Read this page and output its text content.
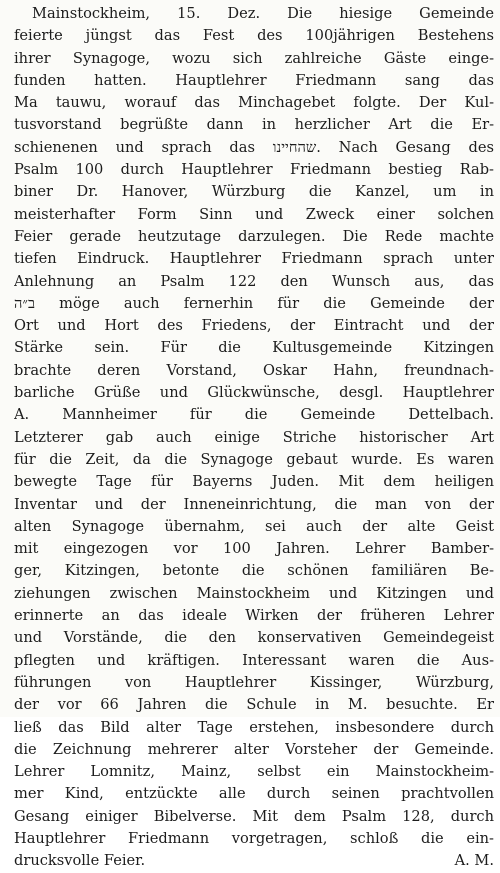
Mainstockheim, 15. Dez. Die hiesige Gemeinde
feierte jüngst das Fest des 100jährigen Bestehens
ihrer Synagoge, wozu sich zahlreiche Gäste einge-
funden hatten. Hauptlehrer Friedmann sang das
Ma tauwu, worauf das Minchagebet folgte. Der Kul-
tusvorstand begrüßte dann in herzlicher Art die Er-
schienenen und sprach das שהחיינו. Nach Gesang des
Psalm 100 durch Hauptlehrer Friedmann bestieg Rab-
biner Dr. Hanover, Würzburg die Kanzel, um in
meisterhafter Form Sinn und Zweck einer solchen
Feier gerade heutzutage darzulegen. Die Rede machte
tiefen Eindruck. Hauptlehrer Friedmann sprach unter
Anlehnung an Psalm 122 den Wunsch aus, das
ב״ה möge auch fernerhin für die Gemeinde der
Ort und Hort des Friedens, der Eintracht und der
Stärke sein. Für die Kultusgemeinde Kitzingen
brachte deren Vorstand, Oskar Hahn, freundnach-
barliche Grüße und Glückwünsche, desgl. Hauptlehrer
A. Mannheimer für die Gemeinde Dettelbach.
Letzterer gab auch einige Striche historischer Art
für die Zeit, da die Synagoge gebaut wurde. Es waren
bewegte Tage für Bayerns Juden. Mit dem heiligen
Inventar und der Inneneinrichtung, die man von der
alten Synagoge übernahm, sei auch der alte Geist
mit eingezogen vor 100 Jahren. Lehrer Bamber-
ger, Kitzingen, betonte die schönen familiären Be-
ziehungen zwischen Mainstockheim und Kitzingen und
erinnerte an das ideale Wirken der früheren Lehrer
und Vorstände, die den konservativen Gemeindegeist
pflegten und kräftigen. Interessant waren die Aus-
führungen von Hauptlehrer Kissinger, Würzburg,
der vor 66 Jahren die Schule in M. besuchte. Er
ließ das Bild alter Tage erstehen, insbesondere durch
die Zeichnung mehrerer alter Vorsteher der Gemeinde.
Lehrer Lomnitz, Mainz, selbst ein Mainstockheim-
mer Kind, entzückte alle durch seinen prachtvollen
Gesang einiger Bibelverse. Mit dem Psalm 128, durch
Hauptlehrer Friedmann vorgetragen, schloß die ein-
drucksvolle Feier.	A. M.
